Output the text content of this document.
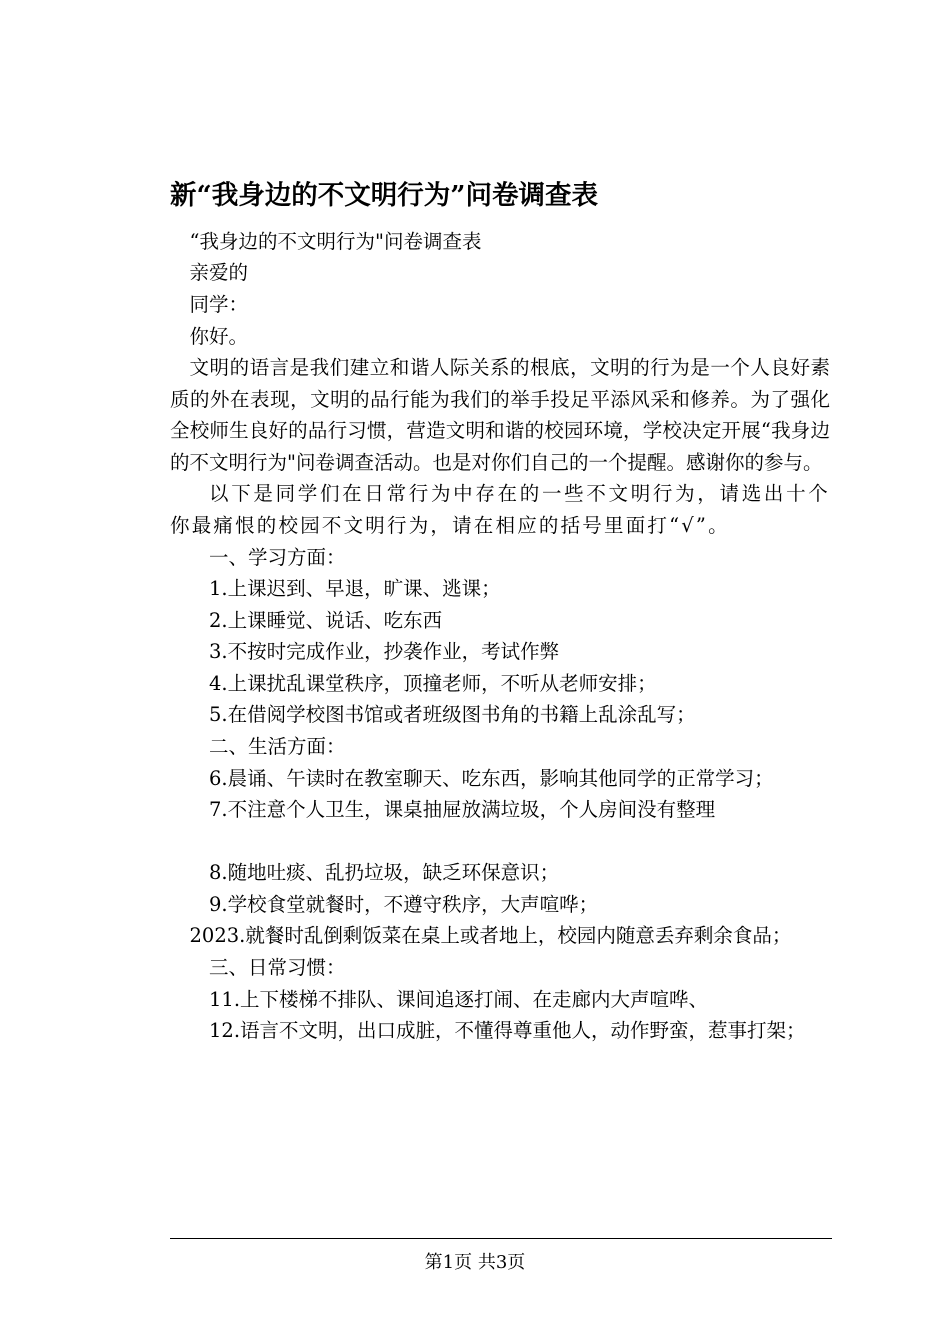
新“我身边的不文明行为”问卷调查表

“我身边的不文明行为"问卷调查表

亲爱的

同学：

你好。

文明的语言是我们建立和谐人际关系的根底，文明的行为是一个人良好素质的外在表现，文明的品行能为我们的举手投足平添风采和修养。为了强化全校师生良好的品行习惯，营造文明和谐的校园环境，学校决定开展“我身边的不文明行为"问卷调查活动。也是对你们自己的一个提醒。感谢你的参与。

以下是同学们在日常行为中存在的一些不文明行为，请选出十个你最痛恨的校园不文明行为，请在相应的括号里面打“√”。

一、学习方面：

1.上课迟到、早退，旷课、逃课；

2.上课睡觉、说话、吃东西

3.不按时完成作业，抄袭作业，考试作弊

4.上课扰乱课堂秩序，顶撞老师，不听从老师安排；

5.在借阅学校图书馆或者班级图书角的书籍上乱涂乱写；

二、生活方面：

6.晨诵、午读时在教室聊天、吃东西，影响其他同学的正常学习；

7.不注意个人卫生，课桌抽屉放满垃圾，个人房间没有整理

8.随地吐痰、乱扔垃圾，缺乏环保意识；

9.学校食堂就餐时，不遵守秩序，大声喧哗；

2023.就餐时乱倒剩饭菜在桌上或者地上，校园内随意丢弃剩余食品；

三、日常习惯：

11.上下楼梯不排队、课间追逐打闹、在走廊内大声喧哗、

12.语言不文明，出口成脏，不懂得尊重他人，动作野蛮，惹事打架；

第1页 共3页
